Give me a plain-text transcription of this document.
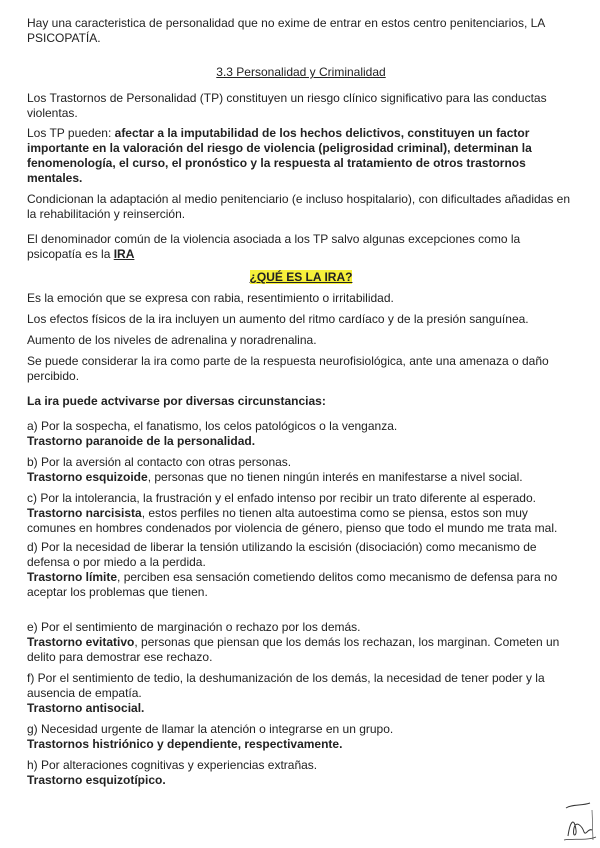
Hay una caracteristica de personalidad que no exime de entrar en estos centro penitenciarios, LA PSICOPATÍA.

3.3 Personalidad y Criminalidad

Los Trastornos de Personalidad (TP) constituyen un riesgo clínico significativo para las conductas violentas.

Los TP pueden: afectar a la imputabilidad de los hechos delictivos, constituyen un factor importante en la valoración del riesgo de violencia (peligrosidad criminal), determinan la fenomenología, el curso, el pronóstico y la respuesta al tratamiento de otros trastornos mentales.

Condicionan la adaptación al medio penitenciario (e incluso hospitalario), con dificultades añadidas en la rehabilitación y reinserción.

El denominador común de la violencia asociada a los TP salvo algunas excepciones como la psicopatía es la IRA

¿QUÉ ES LA IRA?

Es la emoción que se expresa con rabia, resentimiento o irritabilidad.

Los efectos físicos de la ira incluyen un aumento del ritmo cardíaco y de la presión sanguínea.

Aumento de los niveles de adrenalina y noradrenalina.

Se puede considerar la ira como parte de la respuesta neurofisiológica, ante una amenaza o daño percibido.

La ira puede actvivarse por diversas circunstancias:

a) Por la sospecha, el fanatismo, los celos patológicos o la venganza.
Trastorno paranoide de la personalidad.

b) Por la aversión al contacto con otras personas.
Trastorno esquizoide, personas que no tienen ningún interés en manifestarse a nivel social.

c) Por la intolerancia, la frustración y el enfado intenso por recibir un trato diferente al esperado.
Trastorno narcisista, estos perfiles no tienen alta autoestima como se piensa, estos son muy comunes en hombres condenados por violencia de género, pienso que todo el mundo me trata mal.

d) Por la necesidad de liberar la tensión utilizando la escisión (disociación) como mecanismo de defensa o por miedo a la perdida.
Trastorno límite, perciben esa sensación cometiendo delitos como mecanismo de defensa para no aceptar los problemas que tienen.

e) Por el sentimiento de marginación o rechazo por los demás.
Trastorno evitativo, personas que piensan que los demás los rechazan, los marginan. Cometen un delito para demostrar ese rechazo.

f) Por el sentimiento de tedio, la deshumanización de los demás, la necesidad de tener poder y la ausencia de empatía.
Trastorno antisocial.

g) Necesidad urgente de llamar la atención o integrarse en un grupo.
Trastornos histriónico y dependiente, respectivamente.

h) Por alteraciones cognitivas y experiencias extrañas.
Trastorno esquizotípico.
